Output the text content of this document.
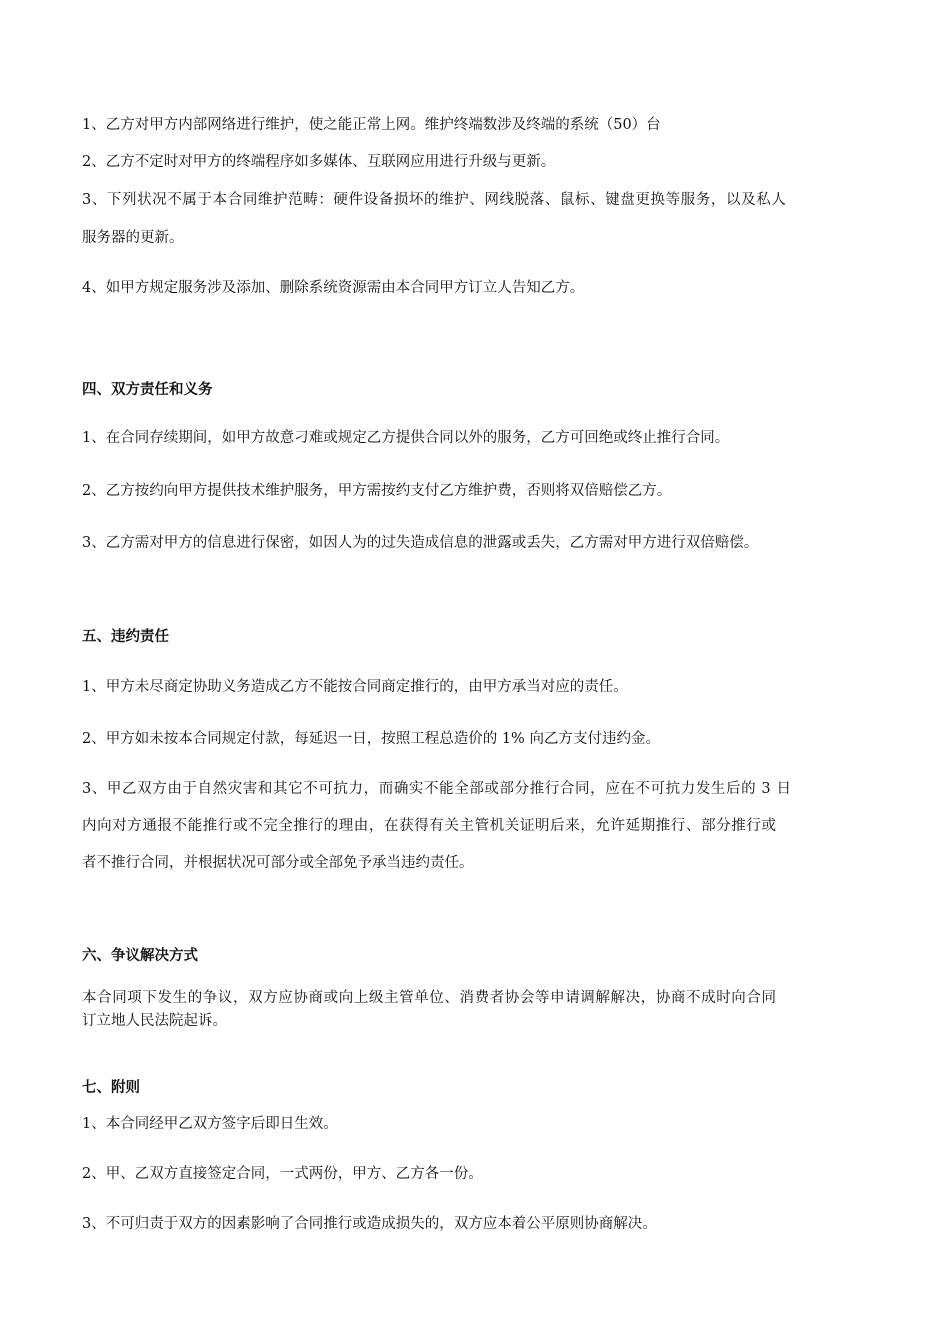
1、乙方对甲方内部网络进行维护，使之能正常上网。维护终端数涉及终端的系统（50）台
2、乙方不定时对甲方的终端程序如多媒体、互联网应用进行升级与更新。
3、下列状况不属于本合同维护范畴：硬件设备损坏的维护、网线脱落、鼠标、键盘更换等服务，以及私人
服务器的更新。
4、如甲方规定服务涉及添加、删除系统资源需由本合同甲方订立人告知乙方。
四、双方责任和义务
1、在合同存续期间，如甲方故意刁难或规定乙方提供合同以外的服务，乙方可回绝或终止推行合同。
2、乙方按约向甲方提供技术维护服务，甲方需按约支付乙方维护费，否则将双倍赔偿乙方。
3、乙方需对甲方的信息进行保密，如因人为的过失造成信息的泄露或丢失，乙方需对甲方进行双倍赔偿。
五、违约责任
1、甲方未尽商定协助义务造成乙方不能按合同商定推行的，由甲方承当对应的责任。
2、甲方如未按本合同规定付款，每延迟一日，按照工程总造价的 1% 向乙方支付违约金。
3、甲乙双方由于自然灾害和其它不可抗力，而确实不能全部或部分推行合同，应在不可抗力发生后的 3 日
内向对方通报不能推行或不完全推行的理由，在获得有关主管机关证明后来，允许延期推行、部分推行或
者不推行合同，并根据状况可部分或全部免予承当违约责任。
六、争议解决方式
本合同项下发生的争议，双方应协商或向上级主管单位、消费者协会等申请调解解决，协商不成时向合同
订立地人民法院起诉。
七、附则
1、本合同经甲乙双方签字后即日生效。
2、甲、乙双方直接签定合同，一式两份，甲方、乙方各一份。
3、不可归责于双方的因素影响了合同推行或造成损失的，双方应本着公平原则协商解决。
